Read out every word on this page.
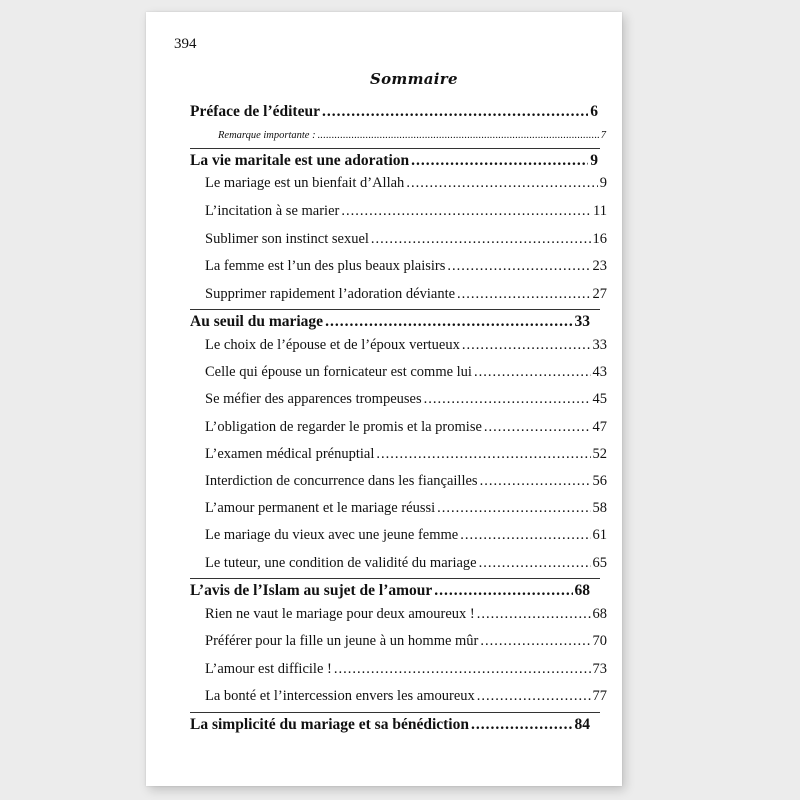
394
Sommaire
Préface de l’éditeur .....	6
Remarque importante : .....	7
La vie maritale est une adoration .....	9
Le mariage est un bienfait d’Allah .....	9
L’incitation à se marier .....	11
Sublimer son instinct sexuel .....	16
La femme est l’un des plus beaux plaisirs .....	23
Supprimer rapidement l’adoration déviante .....	27
Au seuil du mariage .....	33
Le choix de l’épouse et de l’époux vertueux .....	33
Celle qui épouse un fornicateur est comme lui .....	43
Se méfier des apparences trompeuses .....	45
L’obligation de regarder le promis et la promise .....	47
L’examen médical prénuptial .....	52
Interdiction de concurrence dans les fiançailles .....	56
L’amour permanent et le mariage réussi .....	58
Le mariage du vieux avec une jeune femme .....	61
Le tuteur, une condition de validité du mariage .....	65
L’avis de l’Islam au sujet de l’amour .....	68
Rien ne vaut le mariage pour deux amoureux ! .....	68
Préférer pour la fille un jeune à un homme mûr .....	70
L’amour est difficile ! .....	73
La bonté et l’intercession envers les amoureux .....	77
La simplicité du mariage et sa bénédiction .....	84
